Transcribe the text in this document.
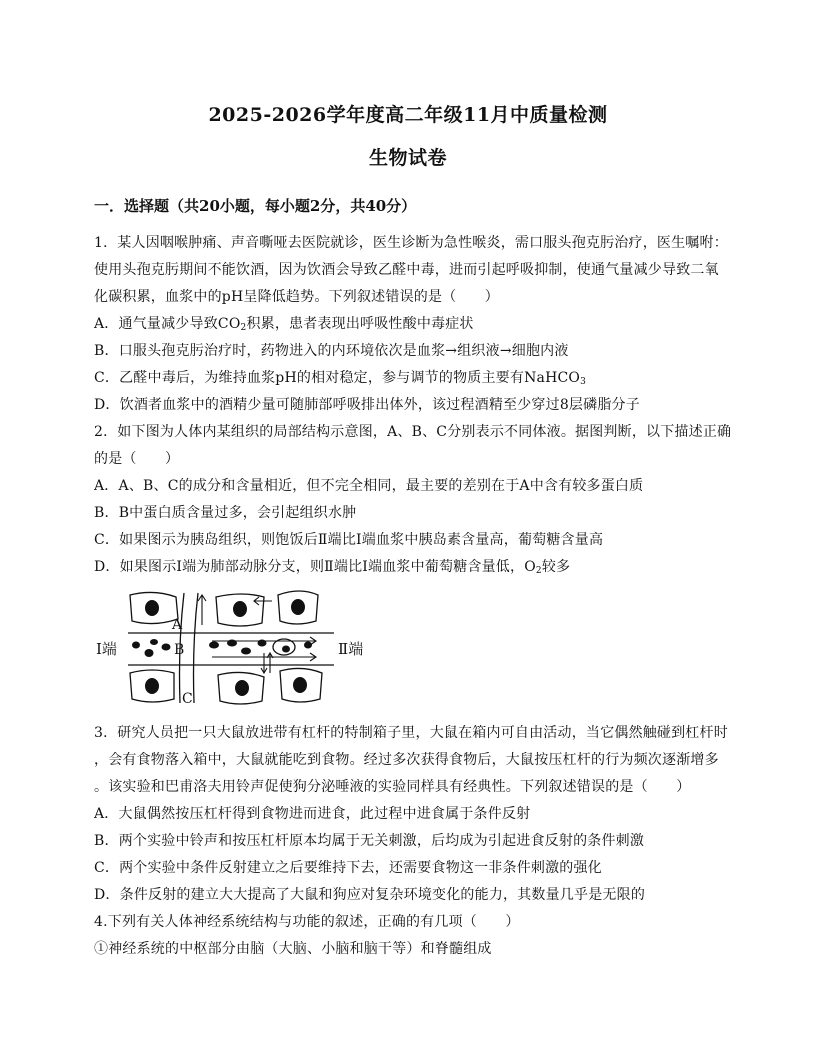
2025-2026学年度高二年级11月中质量检测
生物试卷
一．选择题（共20小题，每小题2分，共40分）
1．某人因咽喉肿痛、声音嘶哑去医院就诊，医生诊断为急性喉炎，需口服头孢克肟治疗，医生嘱咐：
使用头孢克肟期间不能饮酒，因为饮酒会导致乙醛中毒，进而引起呼吸抑制，使通气量减少导致二氧
化碳积累，血浆中的pH呈降低趋势。下列叙述错误的是（　　）
A．通气量减少导致$CO_2$积累，患者表现出呼吸性酸中毒症状
B．口服头孢克肟治疗时，药物进入的内环境依次是血浆→组织液→细胞内液
C．乙醛中毒后，为维持血浆pH的相对稳定，参与调节的物质主要有NaHCO$_3$
D．饮酒者血浆中的酒精少量可随肺部呼吸排出体外，该过程酒精至少穿过8层磷脂分子
2．如下图为人体内某组织的局部结构示意图，A、B、C分别表示不同体液。据图判断，以下描述正确
的是（　　）
A．A、B、C的成分和含量相近，但不完全相同，最主要的差别在于A中含有较多蛋白质
B．B中蛋白质含量过多，会引起组织水肿
C．如果图示为胰岛组织，则饱饭后Ⅱ端比Ⅰ端血浆中胰岛素含量高，葡萄糖含量高
D．如果图示Ⅰ端为肺部动脉分支，则Ⅱ端比Ⅰ端血浆中葡萄糖含量低，$O_2$较多
Ⅰ端	Ⅱ端
A
B
C
3．研究人员把一只大鼠放进带有杠杆的特制箱子里，大鼠在箱内可自由活动，当它偶然触碰到杠杆时
，会有食物落入箱中，大鼠就能吃到食物。经过多次获得食物后，大鼠按压杠杆的行为频次逐渐增多
。该实验和巴甫洛夫用铃声促使狗分泌唾液的实验同样具有经典性。下列叙述错误的是（　　）
A．大鼠偶然按压杠杆得到食物进而进食，此过程中进食属于条件反射
B．两个实验中铃声和按压杠杆原本均属于无关刺激，后均成为引起进食反射的条件刺激
C．两个实验中条件反射建立之后要维持下去，还需要食物这一非条件刺激的强化
D．条件反射的建立大大提高了大鼠和狗应对复杂环境变化的能力，其数量几乎是无限的
4.下列有关人体神经系统结构与功能的叙述，正确的有几项（　　）
①神经系统的中枢部分由脑（大脑、小脑和脑干等）和脊髓组成
